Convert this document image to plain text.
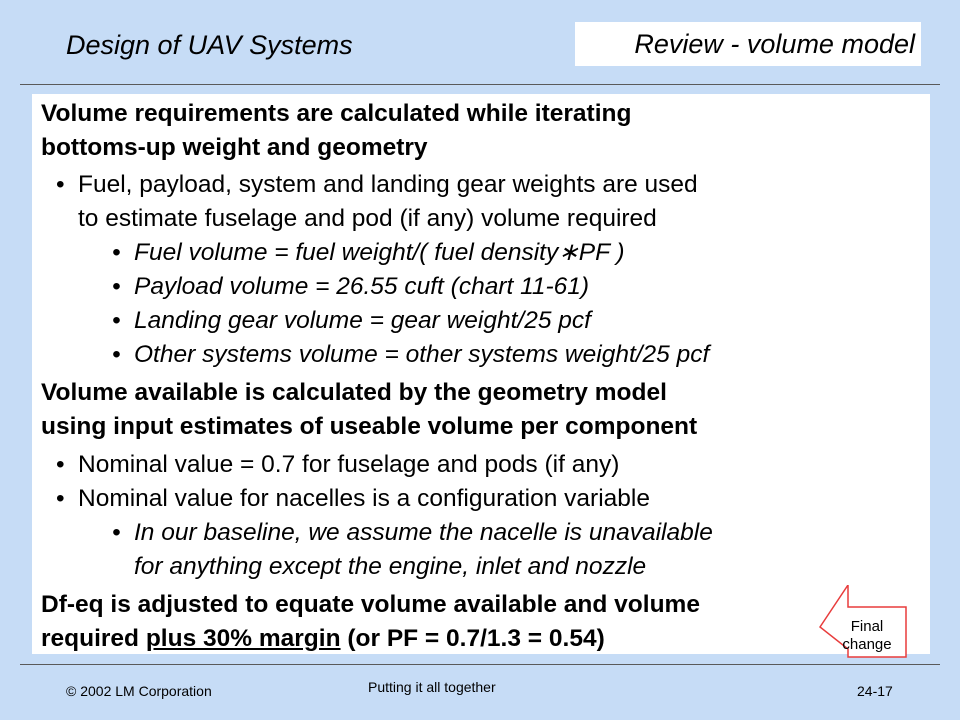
Design of UAV Systems	Review - volume model
Volume requirements are calculated while iterating
bottoms-up weight and geometry
• Fuel, payload, system and landing gear weights are used
to estimate fuselage and pod (if any) volume required
• Fuel volume = fuel weight/( fuel density∗PF )
• Payload volume = 26.55 cuft (chart 11-61)
• Landing gear volume = gear weight/25 pcf
• Other systems volume = other systems weight/25 pcf
Volume available is calculated by the geometry model
using input estimates of useable volume per component
• Nominal value = 0.7 for fuselage and pods (if any)
• Nominal value for nacelles is a configuration variable
• In our baseline, we assume the nacelle is unavailable
for anything except the engine, inlet and nozzle
Df-eq is adjusted to equate volume available and volume
required plus 30% margin (or PF = 0.7/1.3 = 0.54)	Final
change
© 2002 LM Corporation	Putting it all together	24-17
